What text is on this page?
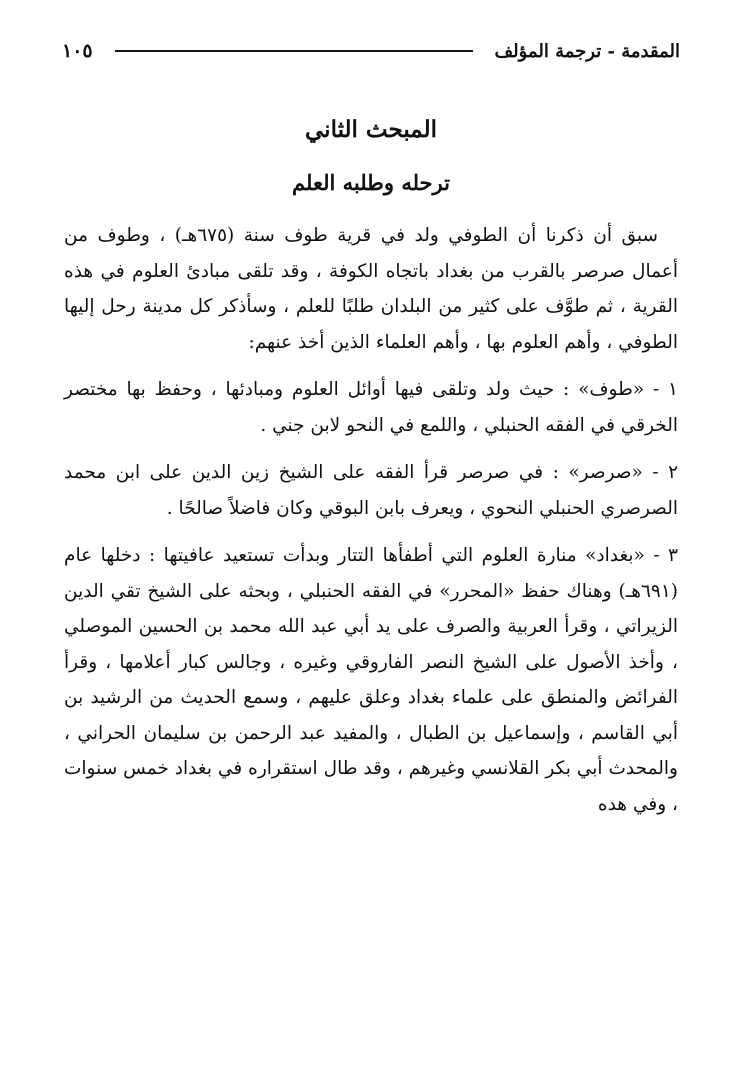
المقدمة - ترجمة المؤلف
١٠٥
المبحث الثاني
ترحله وطلبه العلم

سبق أن ذكرنا أن الطوفي ولد في قرية طوف سنة (٦٧٥هـ) ، وطوف من أعمال صرصر بالقرب من بغداد باتجاه الكوفة ، وقد تلقى مبادئ العلوم في هذه القرية ، ثم طوَّف على كثير من البلدان طلبًا للعلم ، وسأذكر كل مدينة رحل إليها الطوفي ، وأهم العلوم بها ، وأهم العلماء الذين أخذ عنهم:

١ - «طوف» : حيث ولد وتلقى فيها أوائل العلوم ومبادئها ، وحفظ بها مختصر الخرقي في الفقه الحنبلي ، واللمع في النحو لابن جني .

٢ - «صرصر» : في صرصر قرأ الفقه على الشيخ زين الدين على ابن محمد الصرصري الحنبلي النحوي ، ويعرف بابن البوقي وكان فاضلاً صالحًا .

٣ - «بغداد» منارة العلوم التي أطفأها التتار وبدأت تستعيد عافيتها : دخلها عام (٦٩١هـ) وهناك حفظ «المحرر» في الفقه الحنبلي ، وبحثه على الشيخ تقي الدين الزيراتي ، وقرأ العربية والصرف على يد أبي عبد الله محمد بن الحسين الموصلي ، وأخذ الأصول على الشيخ النصر الفاروقي وغيره ، وجالس كبار أعلامها ، وقرأ الفرائض والمنطق على علماء بغداد وعلق عليهم ، وسمع الحديث من الرشيد بن أبي القاسم ، وإسماعيل بن الطبال ، والمفيد عبد الرحمن بن سليمان الحراني ، والمحدث أبي بكر القلانسي وغيرهم ، وقد طال استقراره في بغداد خمس سنوات ، وفي هده
